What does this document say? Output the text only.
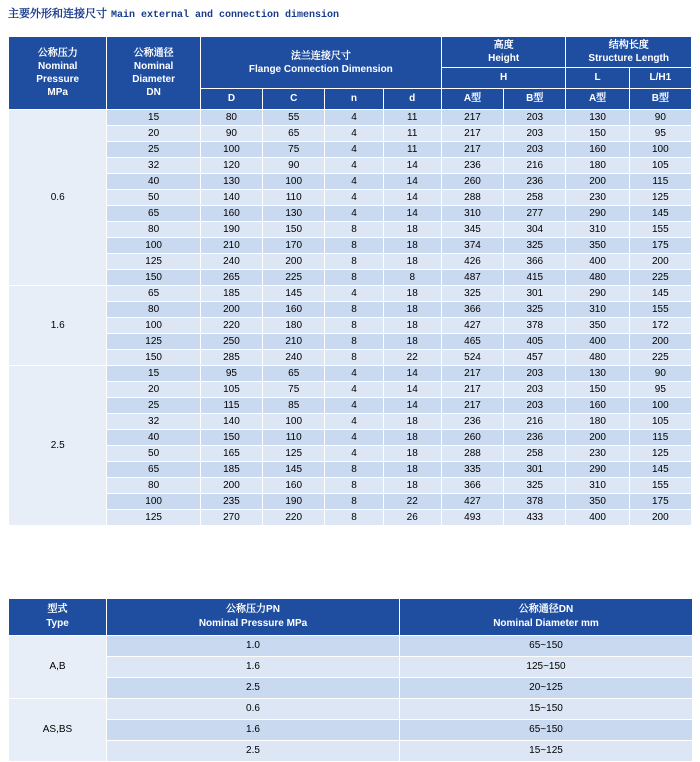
主要外形和连接尺寸 Main external and connection dimension
公称压力
Nominal
Pressure
MPa

公称通径
Nominal
Diameter
DN

法兰连接尺寸
Flange Connection Dimension

高度
Height

结构长度
Structure Length

						H		L	L/H1
		D	C	n	d	A型	B型	A型	B型
0.6	15	80	55	4	11	217	203	130	90
	20	90	65	4	11	217	203	150	95
	25	100	75	4	11	217	203	160	100
	32	120	90	4	14	236	216	180	105
	40	130	100	4	14	260	236	200	115
	50	140	110	4	14	288	258	230	125
	65	160	130	4	14	310	277	290	145
	80	190	150	8	18	345	304	310	155
	100	210	170	8	18	374	325	350	175
	125	240	200	8	18	426	366	400	200
	150	265	225	8	8	487	415	480	225
1.6	65	185	145	4	18	325	301	290	145
	80	200	160	8	18	366	325	310	155
	100	220	180	8	18	427	378	350	172
	125	250	210	8	18	465	405	400	200
	150	285	240	8	22	524	457	480	225
2.5	15	95	65	4	14	217	203	130	90
	20	105	75	4	14	217	203	150	95
	25	115	85	4	14	217	203	160	100
	32	140	100	4	18	236	216	180	105
	40	150	110	4	18	260	236	200	115
	50	165	125	4	18	288	258	230	125
	65	185	145	8	18	335	301	290	145
	80	200	160	8	18	366	325	310	155
	100	235	190	8	22	427	378	350	175
	125	270	220	8	26	493	433	400	200
型式
Type

公称压力PN
Nominal Pressure MPa

公称通径DN
Nominal Diameter mm

A,B	1.0	65~150
	1.6	125~150
	2.5	20~125
AS,BS	0.6	15~150
	1.6	65~150
	2.5	15~125
